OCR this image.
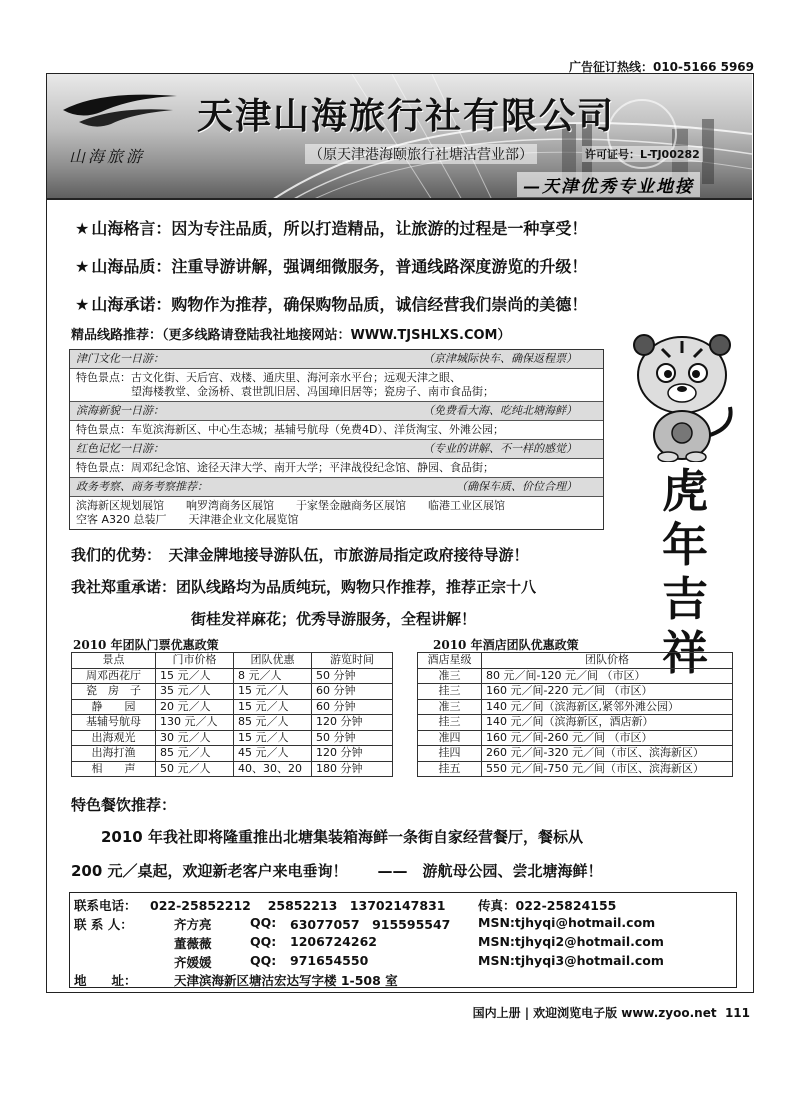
广告征订热线：010-5166 5969
山海旅游
天津山海旅行社有限公司
（原天津港海颐旅行社塘沽营业部）	许可证号：L-TJ00282
—天津优秀专业地接
★ 山海格言：因为专注品质，所以打造精品，让旅游的过程是一种享受！
★ 山海品质：注重导游讲解，强调细微服务，普通线路深度游览的升级！
★ 山海承诺：购物作为推荐，确保购物品质，诚信经营我们崇尚的美德！
精品线路推荐：（更多线路请登陆我社地接网站：WWW.TJSHLXS.COM）
津门文化一日游：	（京津城际快车、确保返程票）
特色景点：古文化街、天后宫、戏楼、通庆里、海河亲水平台；远观天津之眼、
　　　　　望海楼教堂、金汤桥、袁世凯旧居、冯国璋旧居等；瓷房子、南市食品街；
滨海新貌一日游：	（免费看大海、吃纯北塘海鲜）
特色景点：车览滨海新区、中心生态城；基辅号航母（免费4D）、洋货淘宝、外滩公园；
红色记忆一日游：	（专业的讲解、不一样的感觉）
特色景点：周邓纪念馆、途径天津大学、南开大学；平津战役纪念馆、静园、食品街；
政务考察、商务考察推荐：	（确保车质、价位合理）
滨海新区规划展馆　　响罗湾商务区展馆　　于家堡金融商务区展馆　　临港工业区展馆
空客 A320 总装厂　　天津港企业文化展览馆
虎
年
吉
祥
我们的优势：　天津金牌地接导游队伍，市旅游局指定政府接待导游！
我社郑重承诺：团队线路均为品质纯玩，购物只作推荐，推荐正宗十八
街桂发祥麻花；优秀导游服务，全程讲解！
2010 年团队门票优惠政策
景点	门市价格	团队优惠	游览时间
周邓西花厅	15 元／人	8 元／人	50 分钟
瓷　房　子	35 元／人	15 元／人	60 分钟
静　　园	20 元／人	15 元／人	60 分钟
基辅号航母	130 元／人	85 元／人	120 分钟
出海观光	30 元／人	15 元／人	50 分钟
出海打渔	85 元／人	45 元／人	120 分钟
相　　声	50 元／人	40、30、20	180 分钟
2010 年酒店团队优惠政策
酒店星级	团队价格
准三	80 元／间-120 元／间 （市区）
挂三	160 元／间-220 元／间 （市区）
准三	140 元／间（滨海新区,紧邻外滩公园）
挂三	140 元／间（滨海新区，酒店新）
准四	160 元／间-260 元／间 （市区）
挂四	260 元／间-320 元／间（市区、滨海新区）
挂五	550 元／间-750 元／间（市区、滨海新区）
特色餐饮推荐：
　　2010 年我社即将隆重推出北塘集装箱海鲜一条街自家经营餐厅，餐标从
200 元／桌起，欢迎新老客户来电垂询！　　——　游航母公园、尝北塘海鲜！
联系电话： 022-25852212　 25852213　13702147831	传真：022-25824155
联 系 人：	齐方亮	QQ: 63077057　915595547 MSN:tjhyqi@hotmail.com
董薇薇	QQ: 1206724262	MSN:tjhyqi2@hotmail.com
齐媛媛	QQ: 971654550	MSN:tjhyqi3@hotmail.com
地　　址：	天津滨海新区塘沽宏达写字楼 1-508 室
国内上册 | 欢迎浏览电子版 www.zyoo.net 111
